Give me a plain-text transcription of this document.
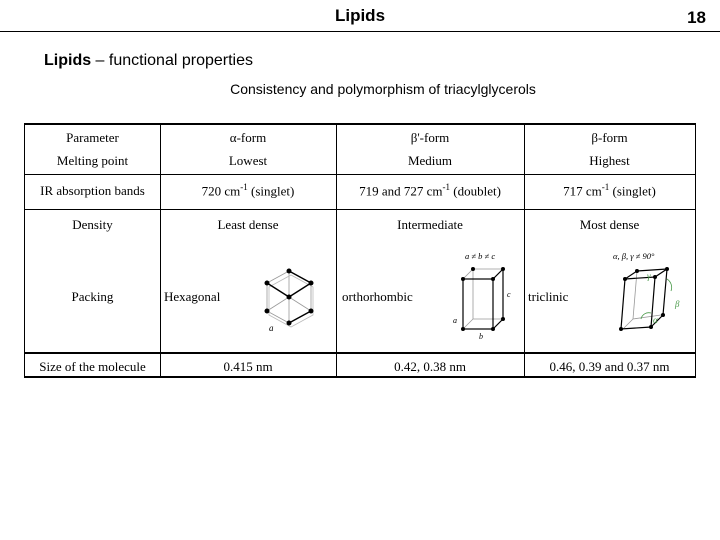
Lipids	18
Lipids – functional properties
Consistency and polymorphism of triacylglycerols
Parameter	α-form	β'-form	β-form
Melting point	Lowest	Medium	Highest
IR absorption bands	720 $cm^{-1}$ (singlet)	719 and 727 $cm^{-1}$ (doublet)	717 $cm^{-1}$ (singlet)
Density	Least dense	Intermediate	Most dense
Packing	Hexagonal	orthorhombic	triclinic
a
a ≠ b ≠ c
a
b
c
α, β, γ ≠ 90°
γ
β
α
Size of the molecule	0.415 nm	0.42, 0.38 nm	0.46, 0.39 and 0.37 nm
